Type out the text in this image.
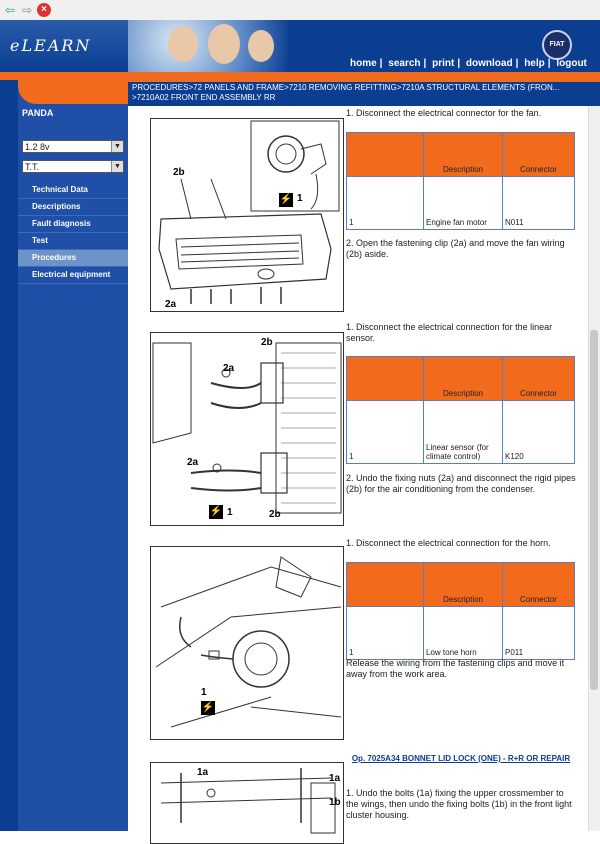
⇦ ⇨ ×
eLEARN	FIAT
home | search | print | download | help | logout
PANDA
1.2 8v	▼
T.T.	▼
Technical Data
Descriptions
Fault diagnosis
Test
Procedures
Electrical equipment
PROCEDURES>72 PANELS AND FRAME>7210 REMOVING REFITTING>7210A STRUCTURAL ELEMENTS (FRON... >7210A02 FRONT END ASSEMBLY RR
2b
⚡ 1
2a
1. Disconnect the electrical connector for the fan.
	Description	Connector
1	Engine fan motor	N011
2. Open the fastening clip (2a) and move the fan wiring (2b) aside.
2b
2a
2a
⚡ 1	2b
1. Disconnect the electrical connection for the linear sensor.
	Description	Connector
1	Linear sensor (for climate control)	K120
2. Undo the fixing nuts (2a) and disconnect the rigid pipes (2b) for the air conditioning from the condenser.
1
⚡
1. Disconnect the electrical connection for the horn.
	Description	Connector
1	Low tone horn	P011
Release the wiring from the fastening clips and move it away from the work area.
Op. 7025A34 BONNET LID LOCK (ONE) - R+R OR REPAIR
1a
1a
1b
1. Undo the bolts (1a) fixing the upper crossmember to the wings, then undo the fixing bolts (1b) in the front light cluster housing.
